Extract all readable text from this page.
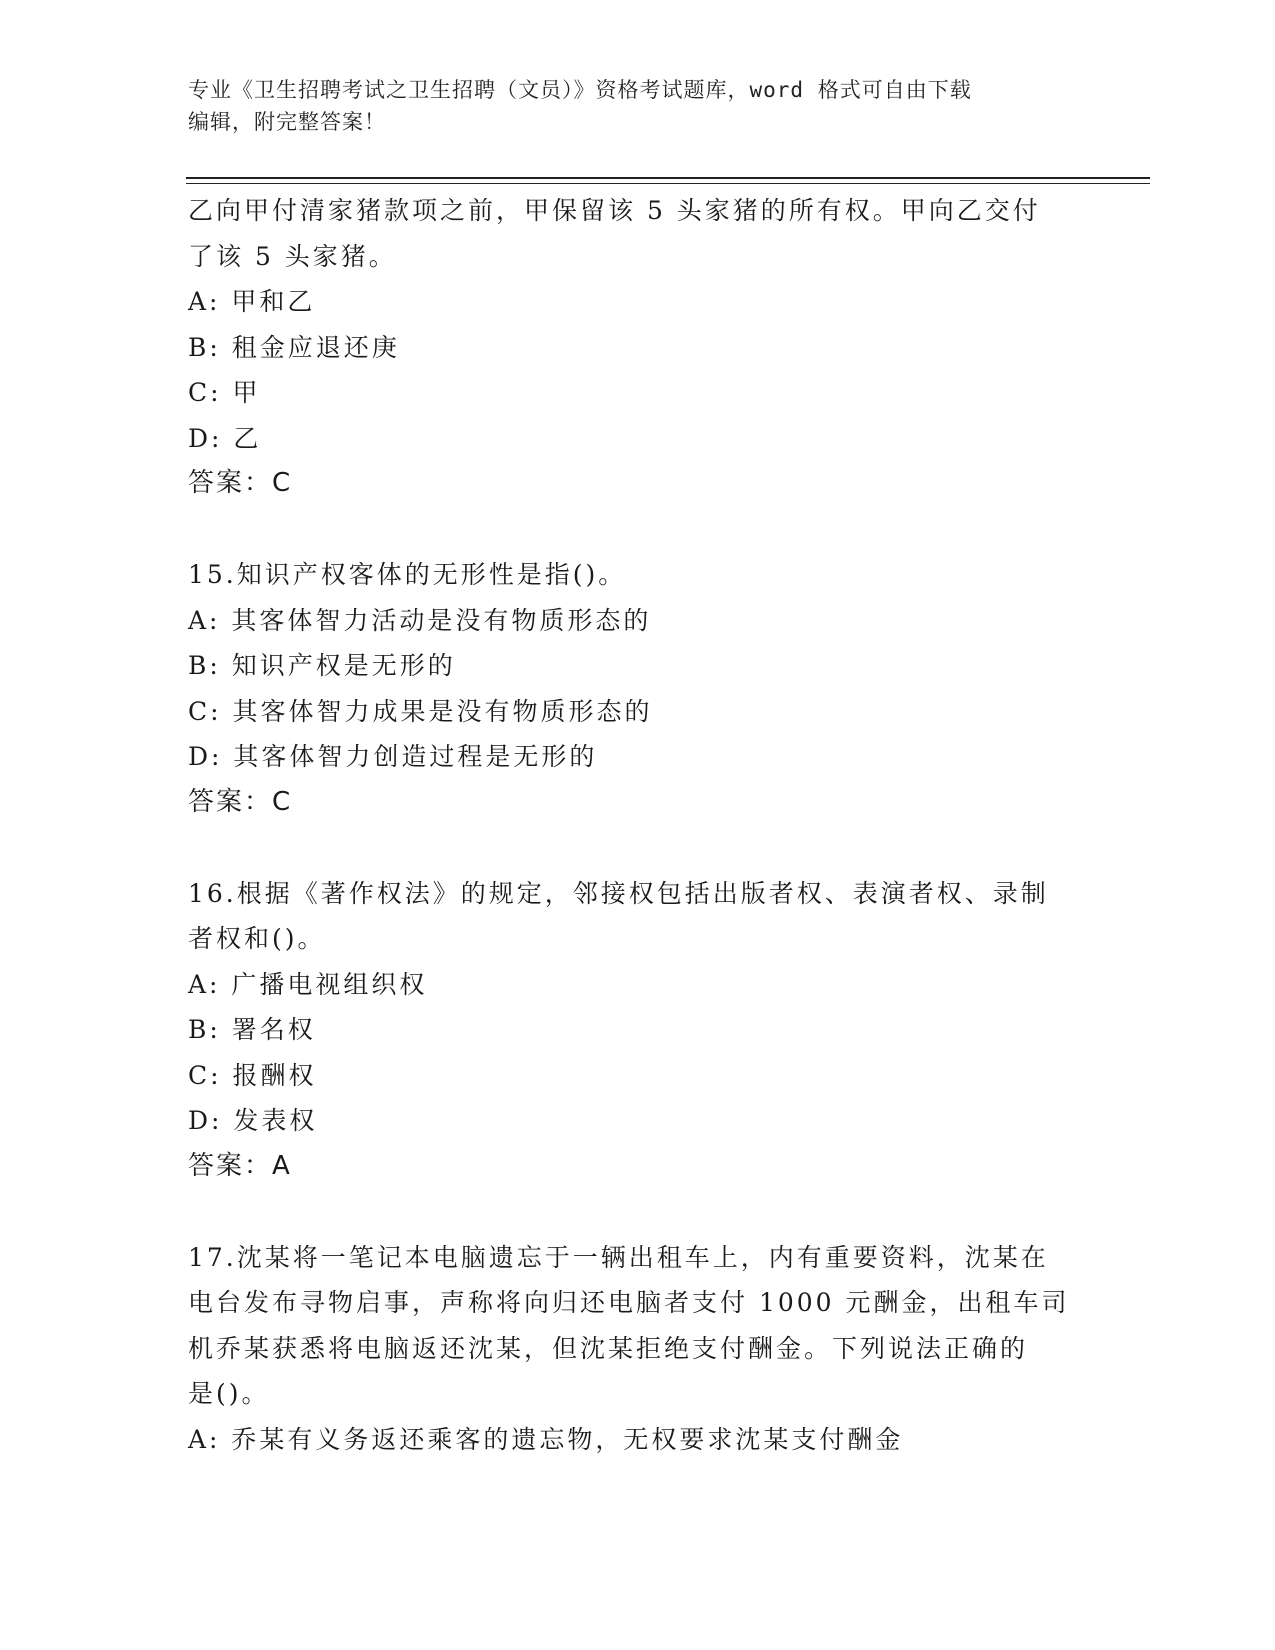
专业《卫生招聘考试之卫生招聘（文员）》资格考试题库，word 格式可自由下载
编辑，附完整答案！
乙向甲付清家猪款项之前，甲保留该 5 头家猪的所有权。甲向乙交付
了该 5 头家猪。
A: 甲和乙
B: 租金应退还庚
C: 甲
D: 乙
答案：C
15.知识产权客体的无形性是指()。
A: 其客体智力活动是没有物质形态的
B: 知识产权是无形的
C: 其客体智力成果是没有物质形态的
D: 其客体智力创造过程是无形的
答案：C
16.根据《著作权法》的规定，邻接权包括出版者权、表演者权、录制
者权和()。
A: 广播电视组织权
B: 署名权
C: 报酬权
D: 发表权
答案：A
17.沈某将一笔记本电脑遗忘于一辆出租车上，内有重要资料，沈某在
电台发布寻物启事，声称将向归还电脑者支付 1000 元酬金，出租车司
机乔某获悉将电脑返还沈某，但沈某拒绝支付酬金。下列说法正确的
是()。
A: 乔某有义务返还乘客的遗忘物，无权要求沈某支付酬金
